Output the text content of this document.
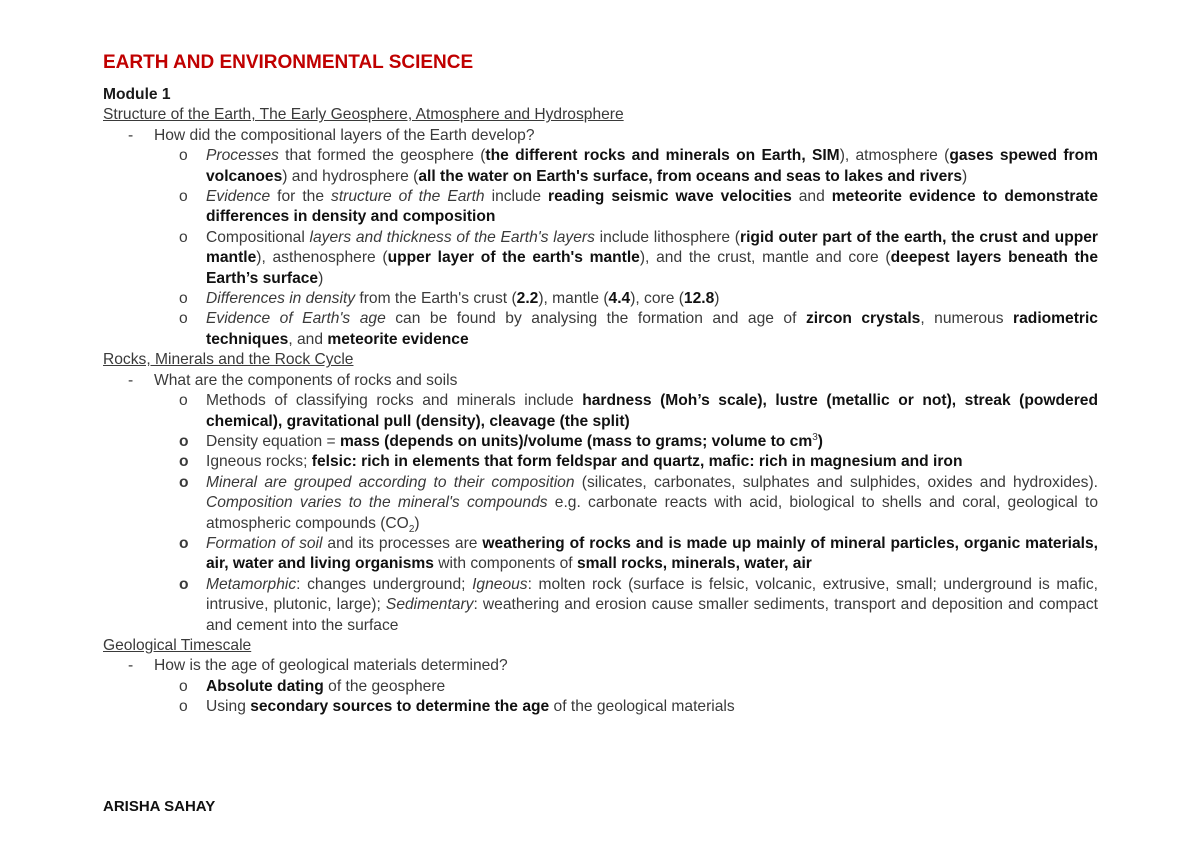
EARTH AND ENVIRONMENTAL SCIENCE
Module 1
Structure of the Earth, The Early Geosphere, Atmosphere and Hydrosphere
- How did the compositional layers of the Earth develop?
o Processes that formed the geosphere (the different rocks and minerals on Earth, SIM), atmosphere (gases spewed from volcanoes) and hydrosphere (all the water on Earth's surface, from oceans and seas to lakes and rivers)
o Evidence for the structure of the Earth include reading seismic wave velocities and meteorite evidence to demonstrate differences in density and composition
o Compositional layers and thickness of the Earth's layers include lithosphere (rigid outer part of the earth, the crust and upper mantle), asthenosphere (upper layer of the earth's mantle), and the crust, mantle and core (deepest layers beneath the Earth’s surface)
o Differences in density from the Earth's crust (2.2), mantle (4.4), core (12.8)
o Evidence of Earth's age can be found by analysing the formation and age of zircon crystals, numerous radiometric techniques, and meteorite evidence
Rocks, Minerals and the Rock Cycle
- What are the components of rocks and soils
o Methods of classifying rocks and minerals include hardness (Moh’s scale), lustre (metallic or not), streak (powdered chemical), gravitational pull (density), cleavage (the split)
o Density equation = mass (depends on units)/volume (mass to grams; volume to $cm^3$)
o Igneous rocks; felsic: rich in elements that form feldspar and quartz, mafic: rich in magnesium and iron
o Mineral are grouped according to their composition (silicates, carbonates, sulphates and sulphides, oxides and hydroxides). Composition varies to the mineral's compounds e.g. carbonate reacts with acid, biological to shells and coral, geological to atmospheric compounds $(CO_2)$
o Formation of soil and its processes are weathering of rocks and is made up mainly of mineral particles, organic materials, air, water and living organisms with components of small rocks, minerals, water, air
o Metamorphic: changes underground; Igneous: molten rock (surface is felsic, volcanic, extrusive, small; underground is mafic, intrusive, plutonic, large); Sedimentary: weathering and erosion cause smaller sediments, transport and deposition and compact and cement into the surface
Geological Timescale
- How is the age of geological materials determined?
o Absolute dating of the geosphere
o Using secondary sources to determine the age of the geological materials
ARISHA SAHAY
